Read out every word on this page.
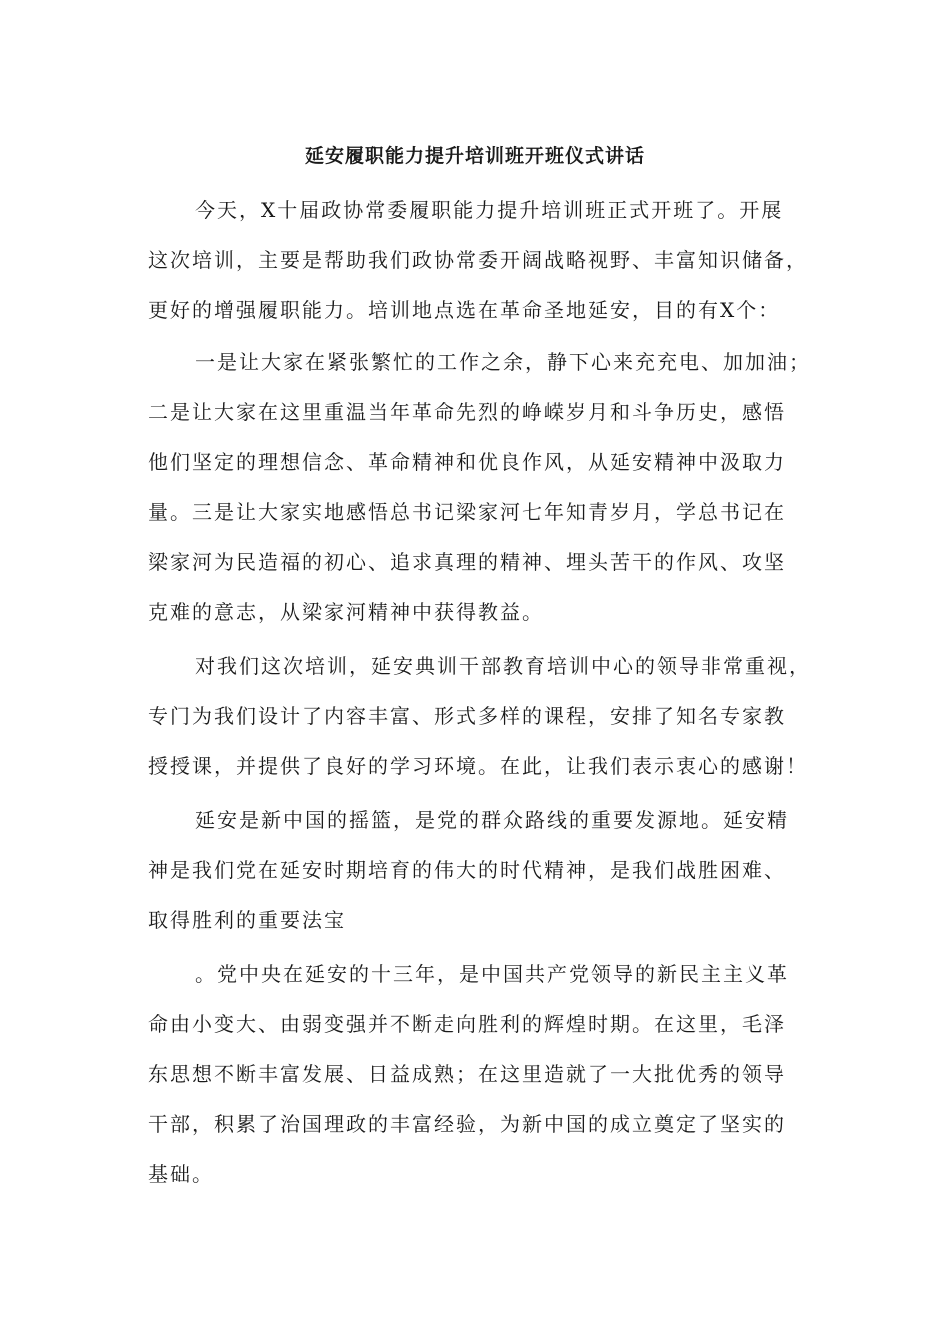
延安履职能力提升培训班开班仪式讲话
今天，X十届政协常委履职能力提升培训班正式开班了。开展
这次培训，主要是帮助我们政协常委开阔战略视野、丰富知识储备，
更好的增强履职能力。培训地点选在革命圣地延安，目的有X个：
一是让大家在紧张繁忙的工作之余，静下心来充充电、加加油；
二是让大家在这里重温当年革命先烈的峥嵘岁月和斗争历史，感悟
他们坚定的理想信念、革命精神和优良作风，从延安精神中汲取力
量。三是让大家实地感悟总书记梁家河七年知青岁月，学总书记在
梁家河为民造福的初心、追求真理的精神、埋头苦干的作风、攻坚
克难的意志，从梁家河精神中获得教益。
对我们这次培训，延安典训干部教育培训中心的领导非常重视，
专门为我们设计了内容丰富、形式多样的课程，安排了知名专家教
授授课，并提供了良好的学习环境。在此，让我们表示衷心的感谢！
延安是新中国的摇篮，是党的群众路线的重要发源地。延安精
神是我们党在延安时期培育的伟大的时代精神，是我们战胜困难、
取得胜利的重要法宝
。党中央在延安的十三年，是中国共产党领导的新民主主义革
命由小变大、由弱变强并不断走向胜利的辉煌时期。在这里，毛泽
东思想不断丰富发展、日益成熟；在这里造就了一大批优秀的领导
干部，积累了治国理政的丰富经验，为新中国的成立奠定了坚实的
基础。
